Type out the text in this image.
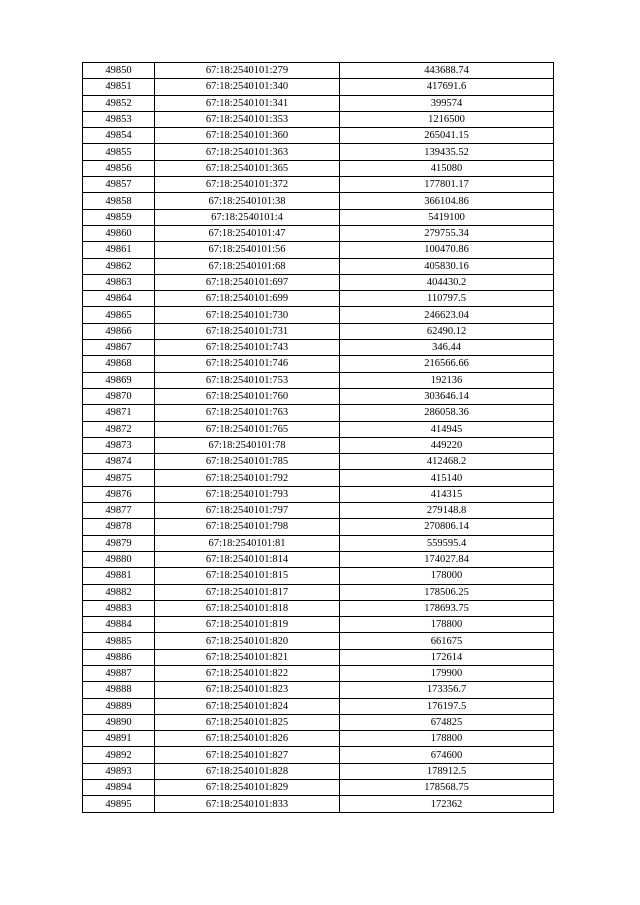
49850	67:18:2540101:279	443688.74
49851	67:18:2540101:340	417691.6
49852	67:18:2540101:341	399574
49853	67:18:2540101:353	1216500
49854	67:18:2540101:360	265041.15
49855	67:18:2540101:363	139435.52
49856	67:18:2540101:365	415080
49857	67:18:2540101:372	177801.17
49858	67:18:2540101:38	366104.86
49859	67:18:2540101:4	5419100
49860	67:18:2540101:47	279755.34
49861	67:18:2540101:56	100470.86
49862	67:18:2540101:68	405830.16
49863	67:18:2540101:697	404430.2
49864	67:18:2540101:699	110797.5
49865	67:18:2540101:730	246623.04
49866	67:18:2540101:731	62490.12
49867	67:18:2540101:743	346.44
49868	67:18:2540101:746	216566.66
49869	67:18:2540101:753	192136
49870	67:18:2540101:760	303646.14
49871	67:18:2540101:763	286058.36
49872	67:18:2540101:765	414945
49873	67:18:2540101:78	449220
49874	67:18:2540101:785	412468.2
49875	67:18:2540101:792	415140
49876	67:18:2540101:793	414315
49877	67:18:2540101:797	279148.8
49878	67:18:2540101:798	270806.14
49879	67:18:2540101:81	559595.4
49880	67:18:2540101:814	174027.84
49881	67:18:2540101:815	178000
49882	67:18:2540101:817	178506.25
49883	67:18:2540101:818	178693.75
49884	67:18:2540101:819	178800
49885	67:18:2540101:820	661675
49886	67:18:2540101:821	172614
49887	67:18:2540101:822	179900
49888	67:18:2540101:823	173356.7
49889	67:18:2540101:824	176197.5
49890	67:18:2540101:825	674825
49891	67:18:2540101:826	178800
49892	67:18:2540101:827	674600
49893	67:18:2540101:828	178912.5
49894	67:18:2540101:829	178568.75
49895	67:18:2540101:833	172362
